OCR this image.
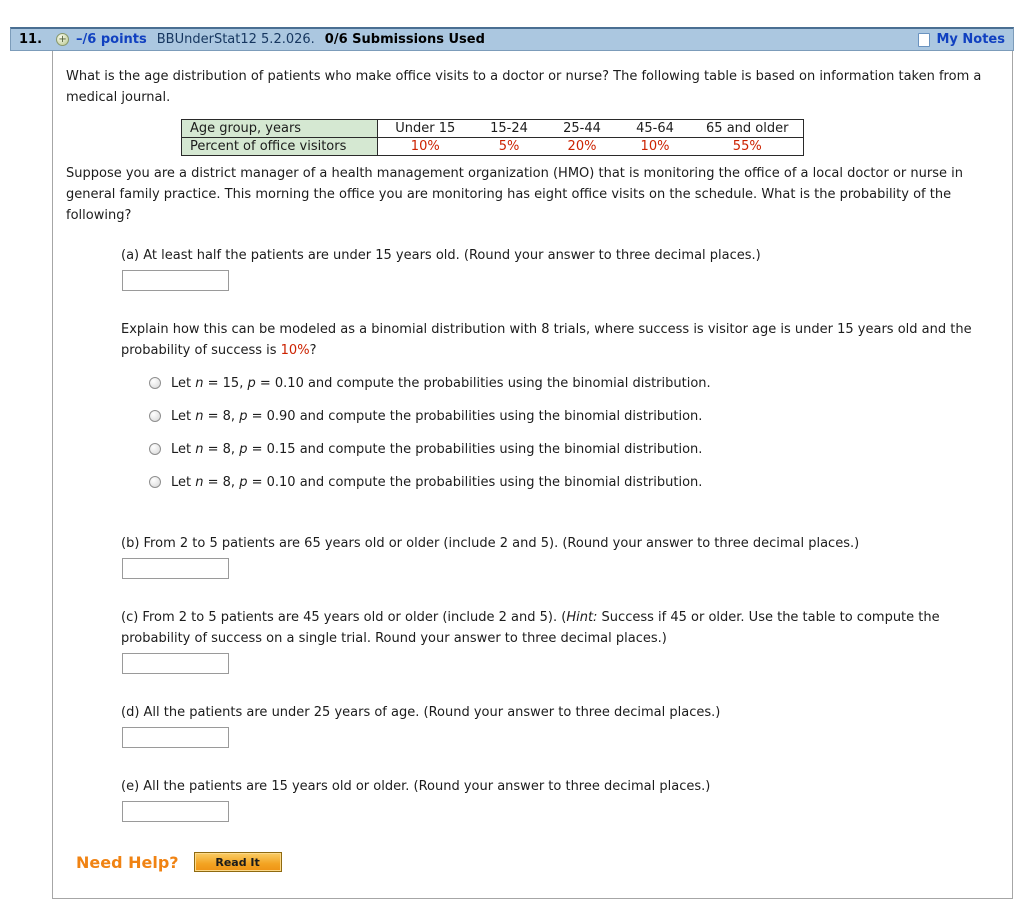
11. + –/6 points BBUnderStat12 5.2.026. 0/6 Submissions Used	My Notes

What is the age distribution of patients who make office visits to a doctor or nurse? The following table is based on information taken from a medical journal.

Age group, years	Under 15	15-24	25-44	45-64	65 and older
Percent of office visitors	10%	5%	20%	10%	55%

Suppose you are a district manager of a health management organization (HMO) that is monitoring the office of a local doctor or nurse in general family practice. This morning the office you are monitoring has eight office visits on the schedule. What is the probability of the following?

(a) At least half the patients are under 15 years old. (Round your answer to three decimal places.)
Explain how this can be modeled as a binomial distribution with 8 trials, where success is visitor age is under 15 years old and the probability of success is 10%?
Let n = 15, p = 0.10 and compute the probabilities using the binomial distribution.
Let n = 8, p = 0.90 and compute the probabilities using the binomial distribution.
Let n = 8, p = 0.15 and compute the probabilities using the binomial distribution.
Let n = 8, p = 0.10 and compute the probabilities using the binomial distribution.
(b) From 2 to 5 patients are 65 years old or older (include 2 and 5). (Round your answer to three decimal places.)
(c) From 2 to 5 patients are 45 years old or older (include 2 and 5). (Hint: Success if 45 or older. Use the table to compute the probability of success on a single trial. Round your answer to three decimal places.)
(d) All the patients are under 25 years of age. (Round your answer to three decimal places.)
(e) All the patients are 15 years old or older. (Round your answer to three decimal places.)
Need Help?	Read It
